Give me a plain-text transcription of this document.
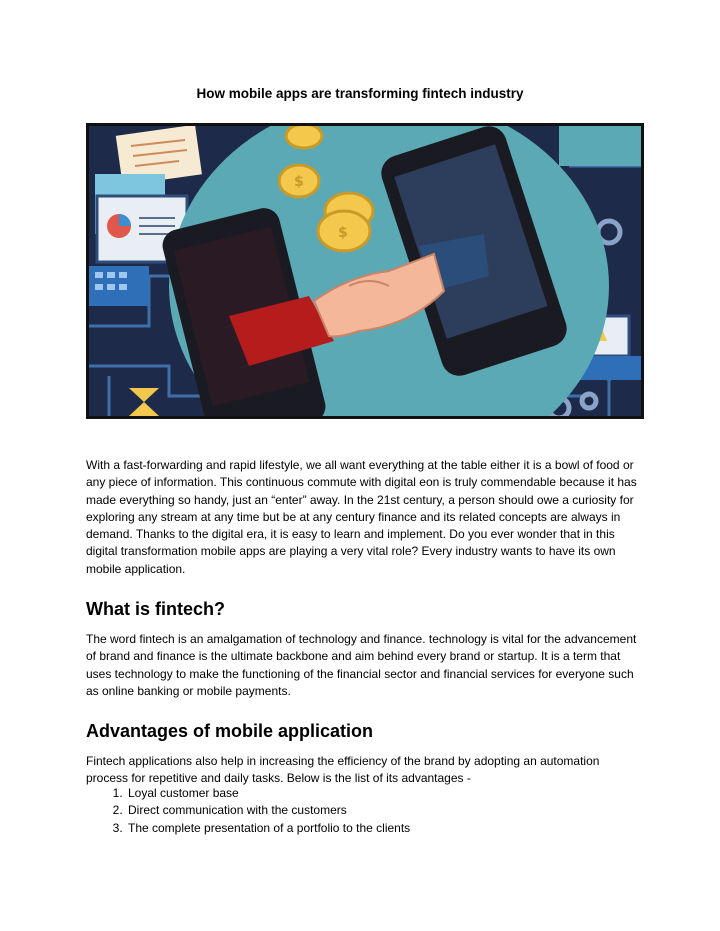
How mobile apps are transforming fintech industry
$
$
With a fast-forwarding and rapid lifestyle, we all want everything at the table either it is a bowl of food or any piece of information. This continuous commute with digital eon is truly commendable because it has made everything so handy, just an “enter” away. In the 21st century, a person should owe a curiosity for exploring any stream at any time but be at any century finance and its related concepts are always in demand. Thanks to the digital era, it is easy to learn and implement. Do you ever wonder that in this digital transformation mobile apps are playing a very vital role? Every industry wants to have its own mobile application.
What is fintech?
The word fintech is an amalgamation of technology and finance. technology is vital for the advancement of brand and finance is the ultimate backbone and aim behind every brand or startup. It is a term that uses technology to make the functioning of the financial sector and financial services for everyone such as online banking or mobile payments.
Advantages of mobile application
Fintech applications also help in increasing the efficiency of the brand by adopting an automation process for repetitive and daily tasks. Below is the list of its advantages -
1. Loyal customer base
2. Direct communication with the customers
3. The complete presentation of a portfolio to the clients
